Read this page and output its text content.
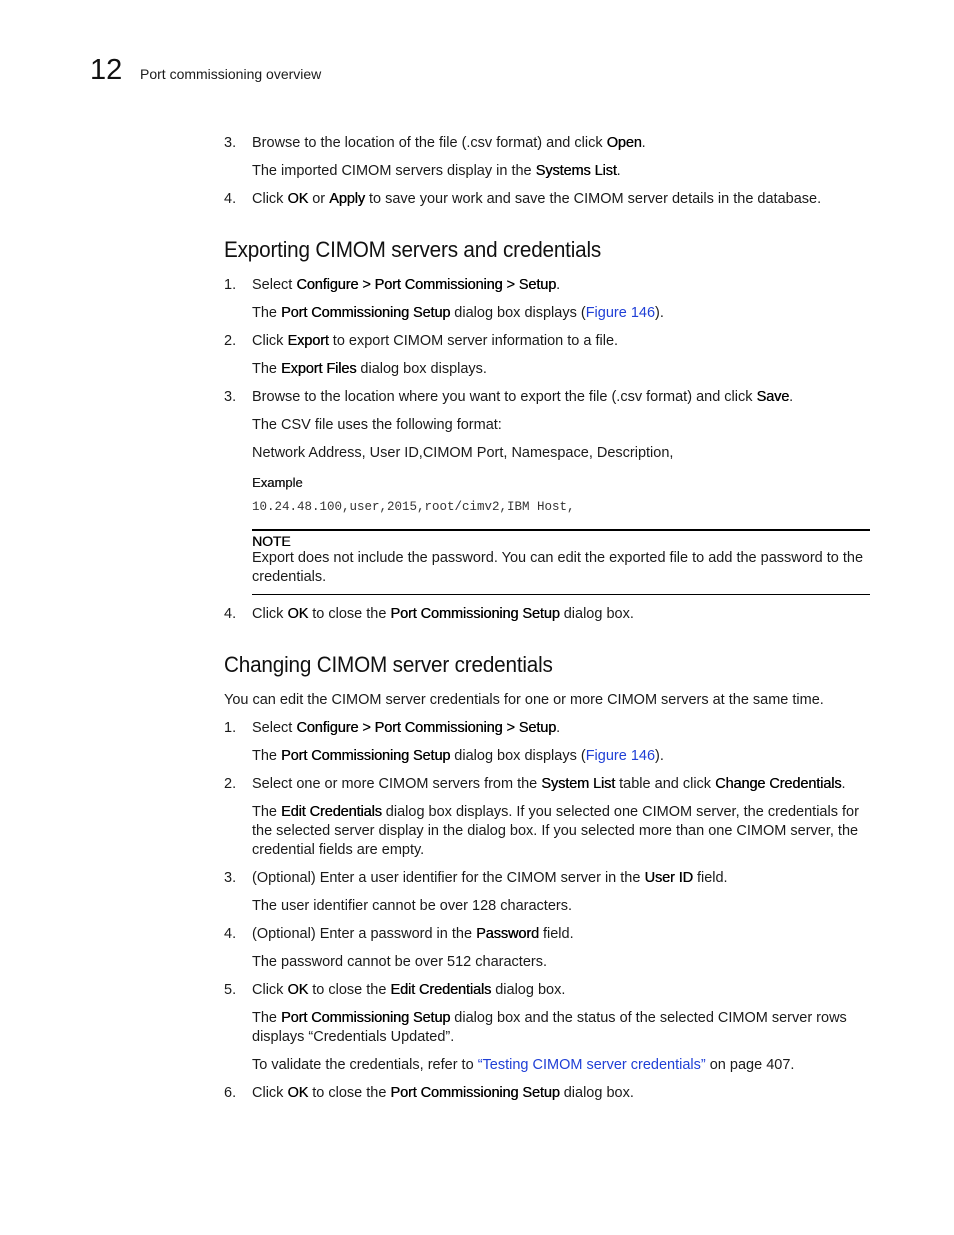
12 Port commissioning overview
3. Browse to the location of the file (.csv format) and click Open.
The imported CIMOM servers display in the Systems List.
4. Click OK or Apply to save your work and save the CIMOM server details in the database.
Exporting CIMOM servers and credentials
1. Select Configure > Port Commissioning > Setup.
The Port Commissioning Setup dialog box displays (Figure 146).
2. Click Export to export CIMOM server information to a file.
The Export Files dialog box displays.
3. Browse to the location where you want to export the file (.csv format) and click Save.
The CSV file uses the following format:
Network Address, User ID,CIMOM Port, Namespace, Description,
Example
10.24.48.100,user,2015,root/cimv2,IBM Host,
NOTE
Export does not include the password. You can edit the exported file to add the password to the credentials.
4. Click OK to close the Port Commissioning Setup dialog box.
Changing CIMOM server credentials
You can edit the CIMOM server credentials for one or more CIMOM servers at the same time.
1. Select Configure > Port Commissioning > Setup.
The Port Commissioning Setup dialog box displays (Figure 146).
2. Select one or more CIMOM servers from the System List table and click Change Credentials.
The Edit Credentials dialog box displays. If you selected one CIMOM server, the credentials for the selected server display in the dialog box. If you selected more than one CIMOM server, the credential fields are empty.
3. (Optional) Enter a user identifier for the CIMOM server in the User ID field.
The user identifier cannot be over 128 characters.
4. (Optional) Enter a password in the Password field.
The password cannot be over 512 characters.
5. Click OK to close the Edit Credentials dialog box.
The Port Commissioning Setup dialog box and the status of the selected CIMOM server rows displays “Credentials Updated”.
To validate the credentials, refer to “Testing CIMOM server credentials” on page 407.
6. Click OK to close the Port Commissioning Setup dialog box.
